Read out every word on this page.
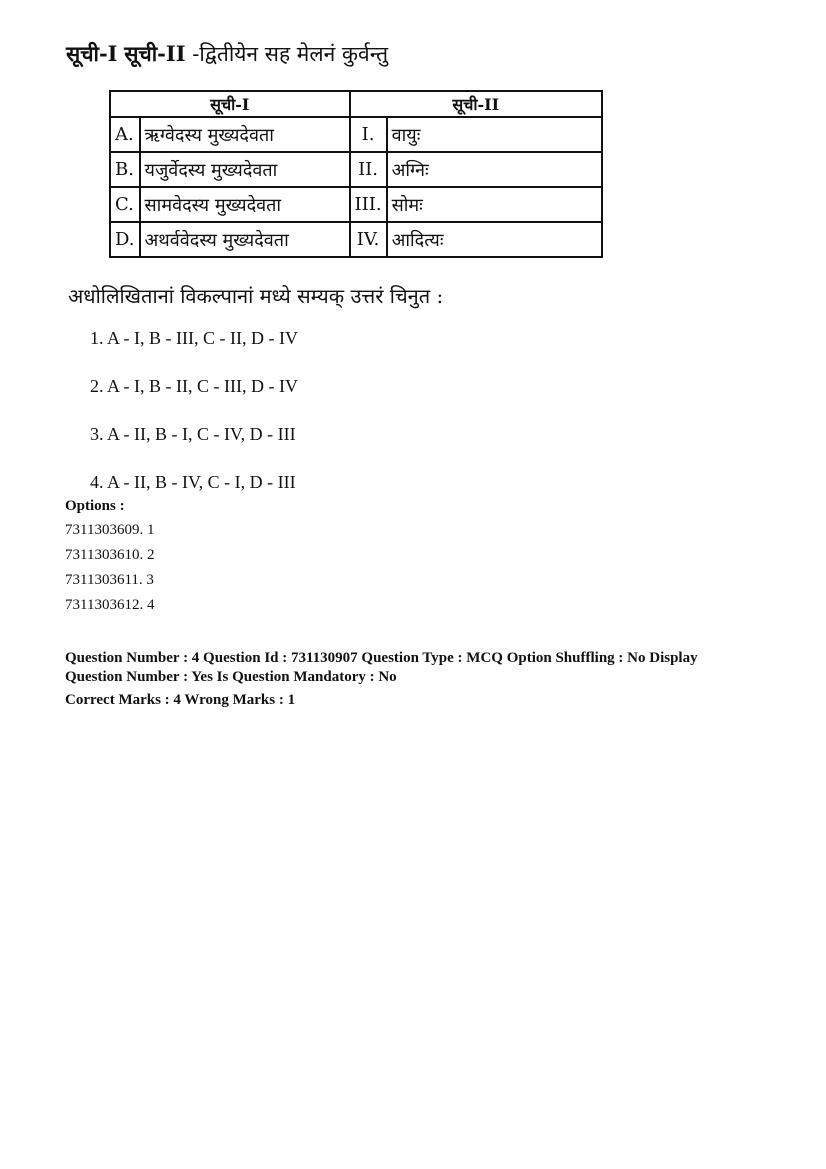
सूची-I सूची-II -द्वितीयेन सह मेलनं कुर्वन्तु
सूची-I		सूची-II	
A.	ऋग्वेदस्य मुख्यदेवता	I.	वायुः
B.	यजुर्वेदस्य मुख्यदेवता	II.	अग्निः
C.	सामवेदस्य मुख्यदेवता	III.	सोमः
D.	अथर्ववेदस्य मुख्यदेवता	IV.	आदित्यः
अधोलिखितानां विकल्पानां मध्ये सम्यक् उत्तरं चिनुत :
1. A - I, B - III, C - II, D - IV
2. A - I, B - II, C - III, D - IV
3. A - II, B - I, C - IV, D - III
4. A - II, B - IV, C - I, D - III
Options :
7311303609. 1
7311303610. 2
7311303611. 3
7311303612. 4
Question Number : 4 Question Id : 731130907 Question Type : MCQ Option Shuffling : No Display
Question Number : Yes Is Question Mandatory : No
Correct Marks : 4 Wrong Marks : 1
